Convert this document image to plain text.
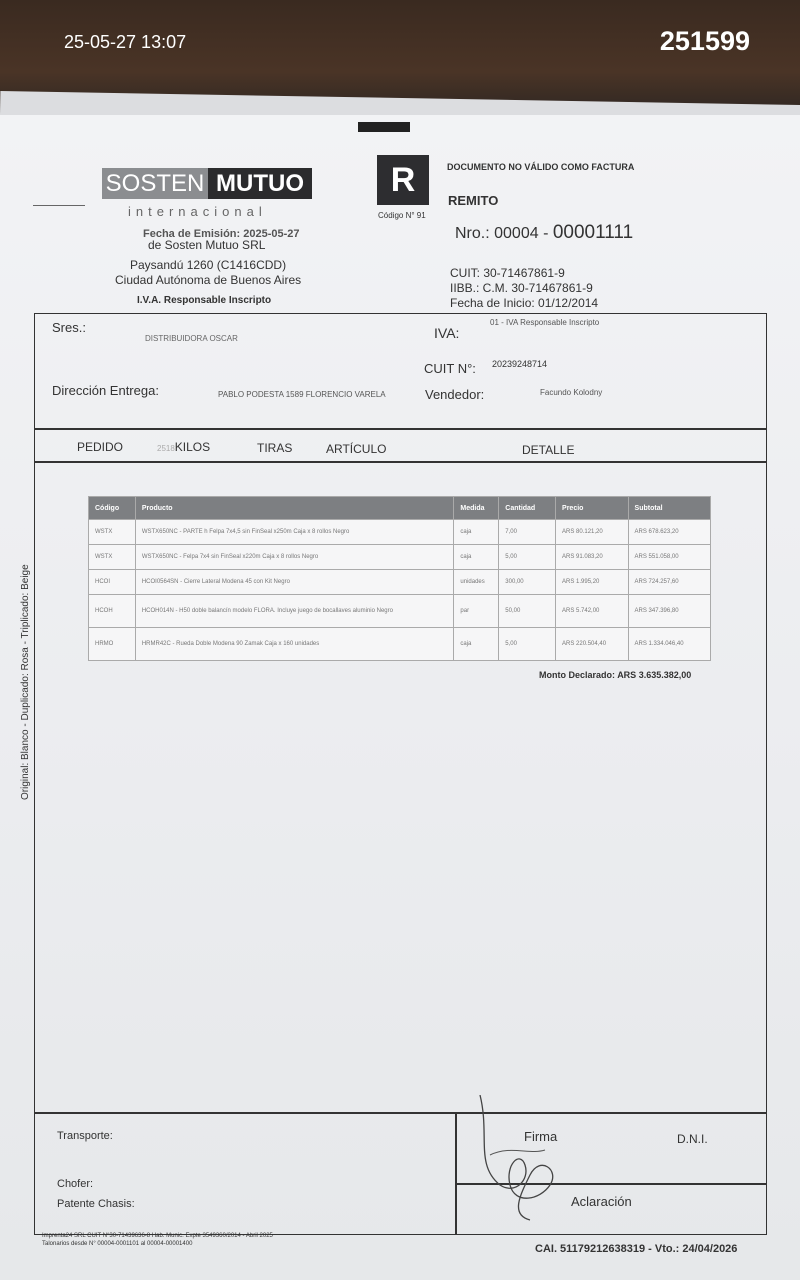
25-05-27 13:07	251599
SOSTEN MUTUO
internacional
Fecha de Emisión: 2025-05-27
de Sosten Mutuo SRL
Paysandú 1260 (C1416CDD)
Ciudad Autónoma de Buenos Aires
I.V.A. Responsable Inscripto
R
Código N° 91
DOCUMENTO NO VÁLIDO COMO FACTURA
REMITO
Nro.: 00004 - 00001111
CUIT: 30-71467861-9
IIBB.: C.M. 30-71467861-9
Fecha de Inicio: 01/12/2014
Sres.:
DISTRIBUIDORA OSCAR	IVA:
01 - IVA Responsable Inscripto
CUIT N°: 20239248714
Dirección Entrega:	PABLO PODESTA 1589 FLORENCIO VARELA	Vendedor:	Facundo Kolodny
PEDIDO	2518KILOS	TIRAS	ARTÍCULO	DETALLE
Código	Producto	Medida	Cantidad	Precio	Subtotal
WSTX	WSTX650NC - PARTE h Felpa 7x4,5 sin FinSeal x250m Caja x 8 rollos Negro	caja	7,00	ARS 80.121,20	ARS 678.623,20
WSTX	WSTX650NC - Felpa 7x4 sin FinSeal x220m Caja x 8 rollos Negro	caja	5,00	ARS 91.083,20	ARS 551.058,00
HCOI	HCOI0564SN - Cierre Lateral Modena 45 con Kit Negro	unidades	300,00	ARS 1.995,20	ARS 724.257,60
HCOH	HCOH014N - H50 doble balancín modelo FLORA. Incluye juego de bocallaves aluminio Negro	par	50,00	ARS 5.742,00	ARS 347.396,80
HRMO	HRMR42C - Rueda Doble Modena 90 Zamak Caja x 160 unidades	caja	5,00	ARS 220.504,40	ARS 1.334.046,40
Monto Declarado: ARS 3.635.382,00
Original: Blanco - Duplicado: Rosa - Triplicado: Beige
Transporte:
Chofer:
Patente Chasis:
Firma	D.N.I.
Aclaración
Imprenta24 SRL CUIT N°30-71439636-8 Hab. Munic. Expte 3549360/2014 - Abril 2025
Talonarios desde N° 00004-0001101 al 00004-00001400	CAI. 51179212638319 - Vto.: 24/04/2026
